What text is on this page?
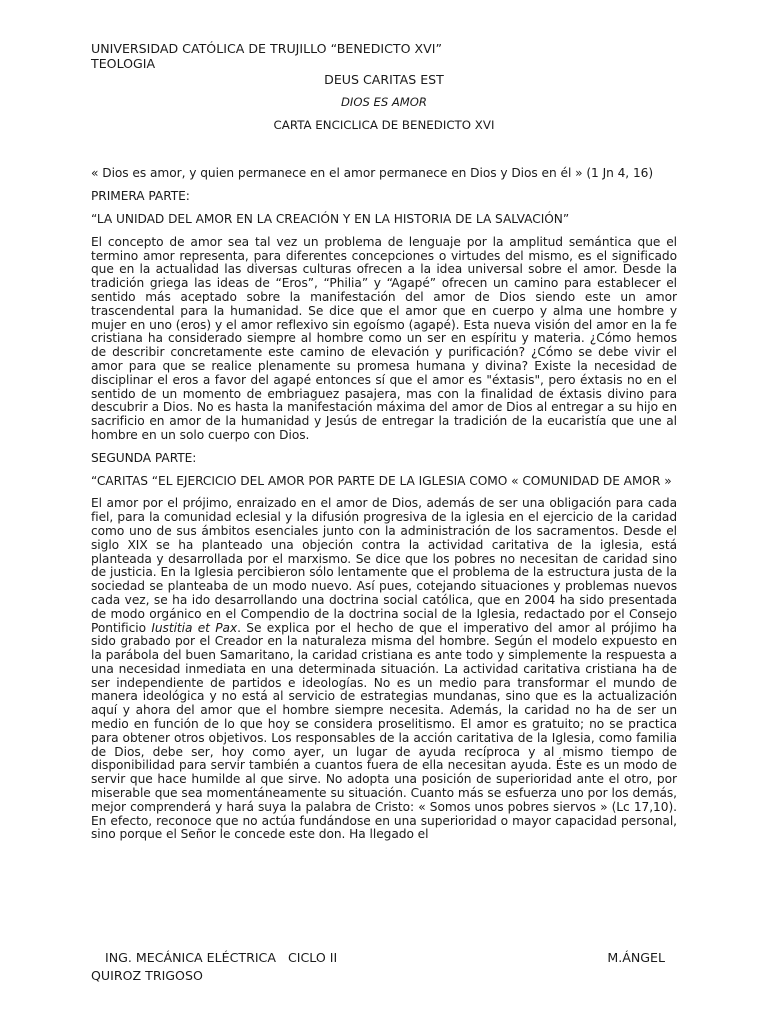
UNIVERSIDAD CATÓLICA DE TRUJILLO “BENEDICTO XVI”

TEOLOGIA

DEUS CARITAS EST

DIOS ES AMOR

CARTA ENCICLICA DE BENEDICTO XVI

« Dios es amor, y quien permanece en el amor permanece en Dios y Dios en él » (1 Jn 4, 16)

PRIMERA PARTE:

“LA UNIDAD DEL AMOR EN LA CREACIÓN Y EN LA HISTORIA DE LA SALVACIÓN”

El concepto de amor sea tal vez un problema de lenguaje por la amplitud semántica que el termino amor representa, para diferentes concepciones o virtudes del mismo, es el significado que en la actualidad las diversas culturas ofrecen a la idea universal sobre el amor. Desde la tradición griega las ideas de “Eros”, “Philia” y “Agapé” ofrecen un camino para establecer el sentido más aceptado sobre la manifestación del amor de Dios siendo este un amor trascendental para la humanidad. Se dice que el amor que en cuerpo y alma une hombre y mujer en uno (eros) y el amor reflexivo sin egoísmo (agapé). Esta nueva visión del amor en la fe cristiana ha considerado siempre al hombre como un ser en espíritu y materia. ¿Cómo hemos de describir concretamente este camino de elevación y purificación? ¿Cómo se debe vivir el amor para que se realice plenamente su promesa humana y divina? Existe la necesidad de disciplinar el eros a favor del agapé entonces sí que el amor es "éxtasis", pero éxtasis no en el sentido de un momento de embriaguez pasajera, mas con la finalidad de éxtasis divino para descubrir a Dios. No es hasta la manifestación máxima del amor de Dios al entregar a su hijo en sacrificio en amor de la humanidad y Jesús de entregar la tradición de la eucaristía que une al hombre en un solo cuerpo con Dios.

SEGUNDA PARTE:

“CARITAS “EL EJERCICIO DEL AMOR POR PARTE DE LA IGLESIA COMO « COMUNIDAD DE AMOR »

El amor por el prójimo, enraizado en el amor de Dios, además de ser una obligación para cada fiel, para la comunidad eclesial y la difusión progresiva de la iglesia en el ejercicio de la caridad como uno de sus ámbitos esenciales junto con la administración de los sacramentos. Desde el siglo XIX se ha planteado una objeción contra la actividad caritativa de la iglesia, está planteada y desarrollada por el marxismo. Se dice que los pobres no necesitan de caridad sino de justicia. En la Iglesia percibieron sólo lentamente que el problema de la estructura justa de la sociedad se planteaba de un modo nuevo. Así pues, cotejando situaciones y problemas nuevos cada vez, se ha ido desarrollando una doctrina social católica, que en 2004 ha sido presentada de modo orgánico en el Compendio de la doctrina social de la Iglesia, redactado por el Consejo Pontificio Iustitia et Pax. Se explica por el hecho de que el imperativo del amor al prójimo ha sido grabado por el Creador en la naturaleza misma del hombre. Según el modelo expuesto en la parábola del buen Samaritano, la caridad cristiana es ante todo y simplemente la respuesta a una necesidad inmediata en una determinada situación. La actividad caritativa cristiana ha de ser independiente de partidos e ideologías. No es un medio para transformar el mundo de manera ideológica y no está al servicio de estrategias mundanas, sino que es la actualización aquí y ahora del amor que el hombre siempre necesita. Además, la caridad no ha de ser un medio en función de lo que hoy se considera proselitismo. El amor es gratuito; no se practica para obtener otros objetivos. Los responsables de la acción caritativa de la Iglesia, como familia de Dios, debe ser, hoy como ayer, un lugar de ayuda recíproca y al mismo tiempo de disponibilidad para servir también a cuantos fuera de ella necesitan ayuda. Éste es un modo de servir que hace humilde al que sirve. No adopta una posición de superioridad ante el otro, por miserable que sea momentáneamente su situación. Cuanto más se esfuerza uno por los demás, mejor comprenderá y hará suya la palabra de Cristo: « Somos unos pobres siervos » (Lc 17,10). En efecto, reconoce que no actúa fundándose en una superioridad o mayor capacidad personal, sino porque el Señor le concede este don. Ha llegado el

ING. MECÁNICA ELÉCTRICA   CICLO II	M.ÁNGEL
QUIROZ TRIGOSO
